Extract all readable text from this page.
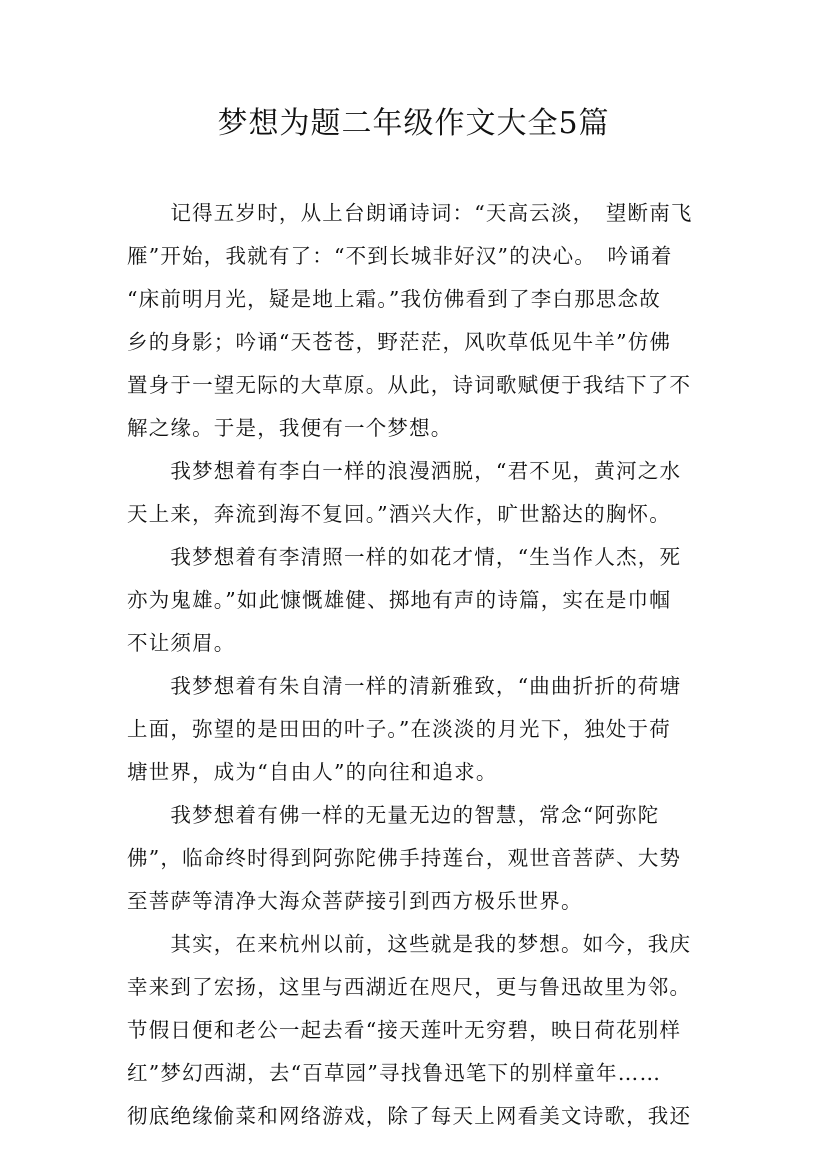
梦想为题二年级作文大全5篇
　　记得五岁时，从上台朗诵诗词：“天高云淡，　望断南飞
雁”开始，我就有了：“不到长城非好汉”的决心。　吟诵着
“床前明月光，疑是地上霜。”我仿佛看到了李白那思念故
乡的身影；吟诵“天苍苍，野茫茫，风吹草低见牛羊”仿佛
置身于一望无际的大草原。从此，诗词歌赋便于我结下了不
解之缘。于是，我便有一个梦想。
　　我梦想着有李白一样的浪漫洒脱，“君不见，黄河之水
天上来，奔流到海不复回。”酒兴大作，旷世豁达的胸怀。
　　我梦想着有李清照一样的如花才情，“生当作人杰，死
亦为鬼雄。”如此慷慨雄健、掷地有声的诗篇，实在是巾帼
不让须眉。
　　我梦想着有朱自清一样的清新雅致，“曲曲折折的荷塘
上面，弥望的是田田的叶子。”在淡淡的月光下，独处于荷
塘世界，成为“自由人”的向往和追求。
　　我梦想着有佛一样的无量无边的智慧，常念“阿弥陀
佛”，临命终时得到阿弥陀佛手持莲台，观世音菩萨、大势
至菩萨等清净大海众菩萨接引到西方极乐世界。
　　其实，在来杭州以前，这些就是我的梦想。如今，我庆
幸来到了宏扬，这里与西湖近在咫尺，更与鲁迅故里为邻。
节假日便和老公一起去看“接天莲叶无穷碧，映日荷花别样
红”梦幻西湖，去“百草园”寻找鲁迅笔下的别样童年……
彻底绝缘偷菜和网络游戏，除了每天上网看美文诗歌，我还
